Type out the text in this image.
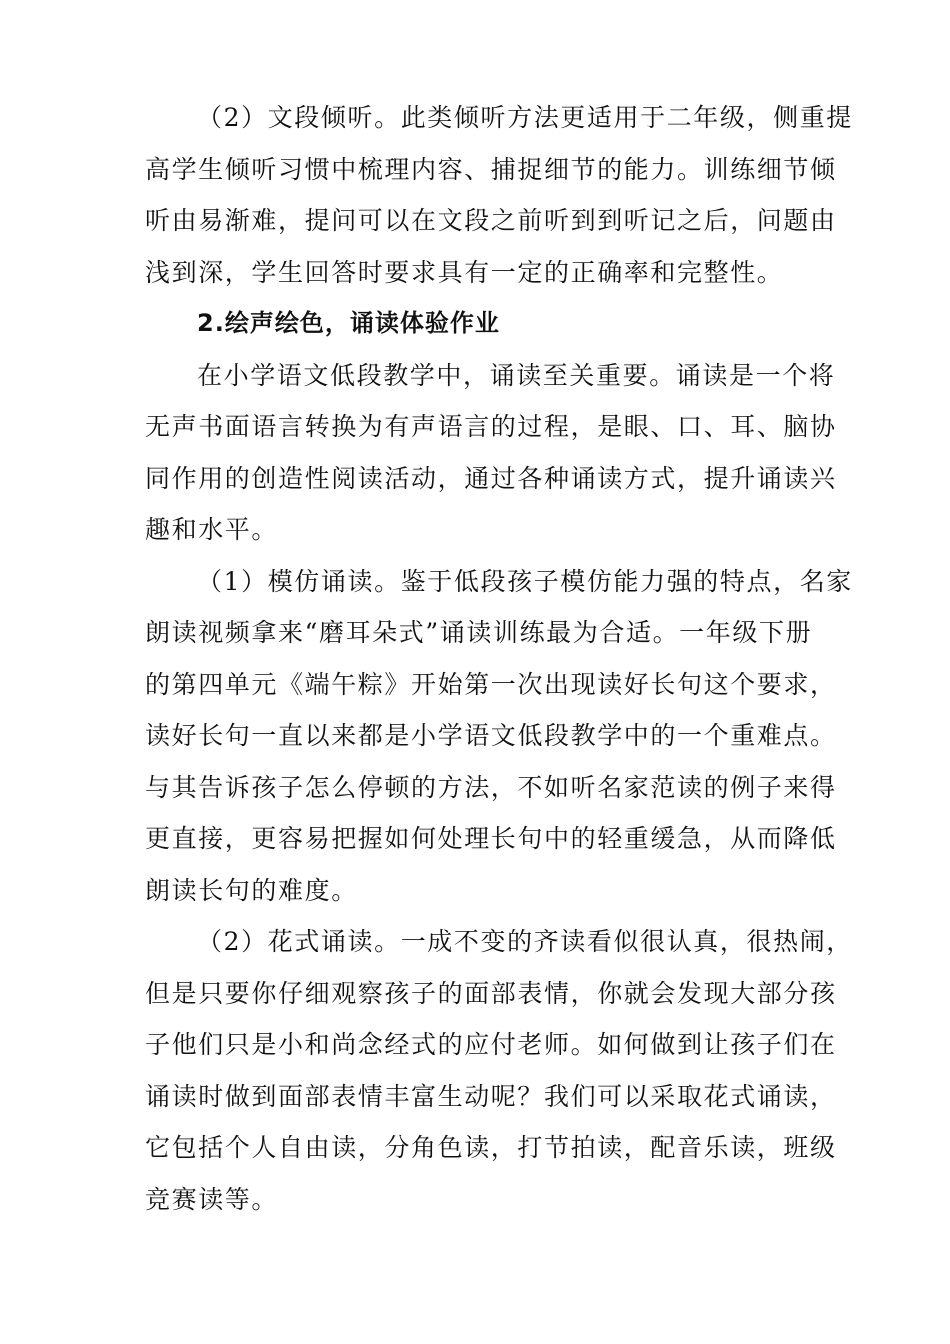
（2）文段倾听。此类倾听方法更适用于二年级，侧重提
高学生倾听习惯中梳理内容、捕捉细节的能力。训练细节倾
听由易渐难，提问可以在文段之前听到到听记之后，问题由
浅到深，学生回答时要求具有一定的正确率和完整性。

2.绘声绘色，诵读体验作业

在小学语文低段教学中，诵读至关重要。诵读是一个将
无声书面语言转换为有声语言的过程，是眼、口、耳、脑协
同作用的创造性阅读活动，通过各种诵读方式，提升诵读兴
趣和水平。

（1）模仿诵读。鉴于低段孩子模仿能力强的特点，名家
朗读视频拿来“磨耳朵式”诵读训练最为合适。一年级下册
的第四单元《端午粽》开始第一次出现读好长句这个要求，
读好长句一直以来都是小学语文低段教学中的一个重难点。
与其告诉孩子怎么停顿的方法，不如听名家范读的例子来得
更直接，更容易把握如何处理长句中的轻重缓急，从而降低
朗读长句的难度。

（2）花式诵读。一成不变的齐读看似很认真，很热闹，
但是只要你仔细观察孩子的面部表情，你就会发现大部分孩
子他们只是小和尚念经式的应付老师。如何做到让孩子们在
诵读时做到面部表情丰富生动呢？我们可以采取花式诵读，
它包括个人自由读，分角色读，打节拍读，配音乐读，班级
竞赛读等。
